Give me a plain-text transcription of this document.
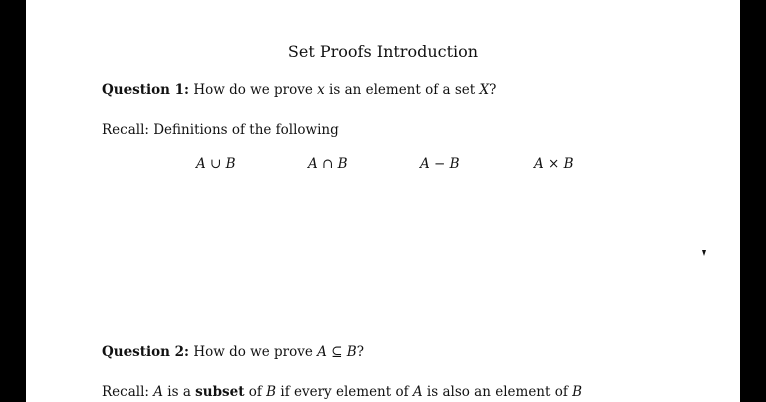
Set Proofs Introduction
Question 1: How do we prove x is an element of a set X?
Recall: Definitions of the following
A ∪ B	A ∩ B	A − B	A × B
Question 2: How do we prove A ⊆ B?
Recall: A is a subset of B if every element of A is also an element of B
